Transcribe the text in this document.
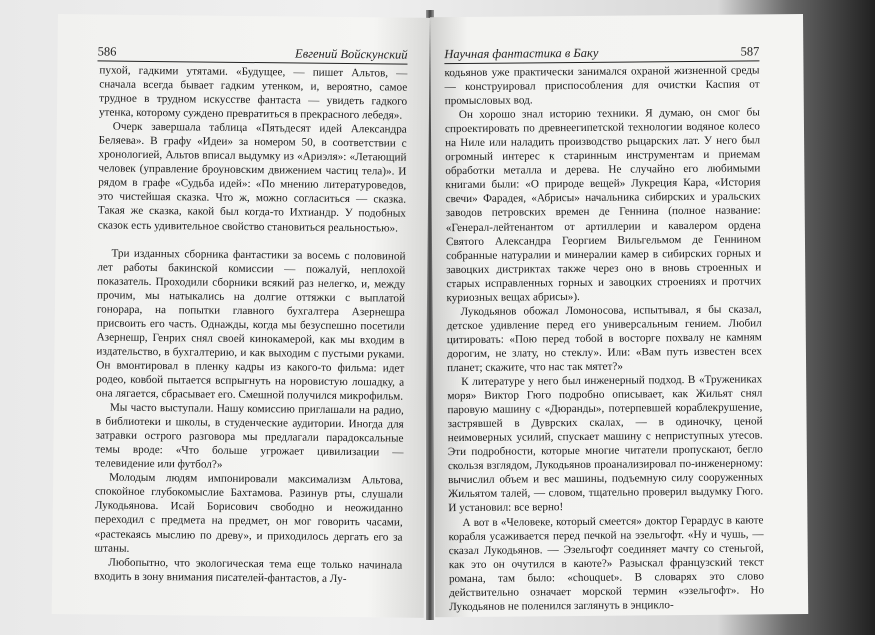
586	Евгений Войскунский

пухой, гадкими утятами. «Будущее, — пишет Альтов, — сначала всегда бывает гадким утенком, и, вероятно, самое трудное в трудном искусстве фантаста — увидеть гадкого утенка, которому суждено превратиться в прекрасного лебедя».

Очерк завершала таблица «Пятьдесят идей Александра Беляева». В графу «Идеи» за номером 50, в соответствии с хронологией, Альтов вписал выдумку из «Ариэля»: «Летающий человек (управление броуновским движением частиц тела)». И рядом в графе «Судьба идей»: «По мнению литературоведов, это чистейшая сказка. Что ж, можно согласиться — сказка. Такая же сказка, какой был когда-то Ихтиандр. У подобных сказок есть удивительное свойство становиться реальностью».

Три изданных сборника фантастики за восемь с половиной лет работы бакинской комиссии — пожалуй, неплохой показатель. Проходили сборники всякий раз нелегко, и, между прочим, мы натыкались на долгие оттяжки с выплатой гонорара, на попытки главного бухгалтера Азернешра присвоить его часть. Однажды, когда мы безуспешно посетили Азернешр, Генрих снял своей кинокамерой, как мы входим в издательство, в бухгалтерию, и как выходим с пустыми руками. Он вмонтировал в пленку кадры из какого-то фильма: идет родео, ковбой пытается вспрыгнуть на норовистую лошадку, а она лягается, сбрасывает его. Смешной получился микрофильм.

Мы часто выступали. Нашу комиссию приглашали на радио, в библиотеки и школы, в студенческие аудитории. Иногда для затравки острого разговора мы предлагали парадоксальные темы вроде: «Что больше угрожает цивилизации — телевидение или футбол?»

Молодым людям импонировали максимализм Альтова, спокойное глубокомыслие Бахтамова. Разинув рты, слушали Лукодьянова. Исай Борисович свободно и неожиданно переходил с предмета на предмет, он мог говорить часами, «растекаясь мыслию по древу», и приходилось дергать его за штаны.

Любопытно, что экологическая тема еще только начинала входить в зону внимания писателей-фантастов, а Лу-

Научная фантастика в Баку	587

кодьянов уже практически занимался охраной жизненной среды — конструировал приспособления для очистки Каспия от промысловых вод.

Он хорошо знал историю техники. Я думаю, он смог бы спроектировать по древнеегипетской технологии водяное колесо на Ниле или наладить производство рыцарских лат. У него был огромный интерес к старинным инструментам и приемам обработки металла и дерева. Не случайно его любимыми книгами были: «О природе вещей» Лукреция Кара, «История свечи» Фарадея, «Абрисы» начальника сибирских и уральских заводов петровских времен де Геннина (полное название: «Генерал-лейтенантом от артиллерии и кавалером ордена Святого Александра Георгием Вильгельмом де Геннином собранные натуралии и минералии камер в сибирских горных и завоцких дистриктах также через оно в вновь строенных и старых исправленных горных и завоцких строениях и протчих куриозных вещах абрисы»).

Лукодьянов обожал Ломоносова, испытывал, я бы сказал, детское удивление перед его универсальным гением. Любил цитировать: «Пою перед тобой в восторге похвалу не камням дорогим, не злату, но стеклу». Или: «Вам путь известен всех планет; скажите, что нас так мятет?»

К литературе у него был инженерный подход. В «Тружениках моря» Виктор Гюго подробно описывает, как Жильят снял паровую машину с «Дюранды», потерпевшей кораблекрушение, застрявшей в Дуврских скалах, — в одиночку, ценой неимоверных усилий, спускает машину с неприступных утесов. Эти подробности, которые многие читатели пропускают, бегло скользя взглядом, Лукодьянов проанализировал по-инженерному: вычислил объем и вес машины, подъемную силу сооруженных Жильятом талей, — словом, тщательно проверил выдумку Гюго. И установил: все верно!

А вот в «Человеке, который смеется» доктор Герардус в каюте корабля усаживается перед печкой на эзельгофт. «Ну и чушь, — сказал Лукодьянов. — Эзельгофт соединяет мачту со стеньгой, как это он очутился в каюте?» Разыскал французский текст романа, там было: «chouquet». В словарях это слово действительно означает морской термин «эзельгофт». Но Лукодьянов не поленился заглянуть в энцикло-
